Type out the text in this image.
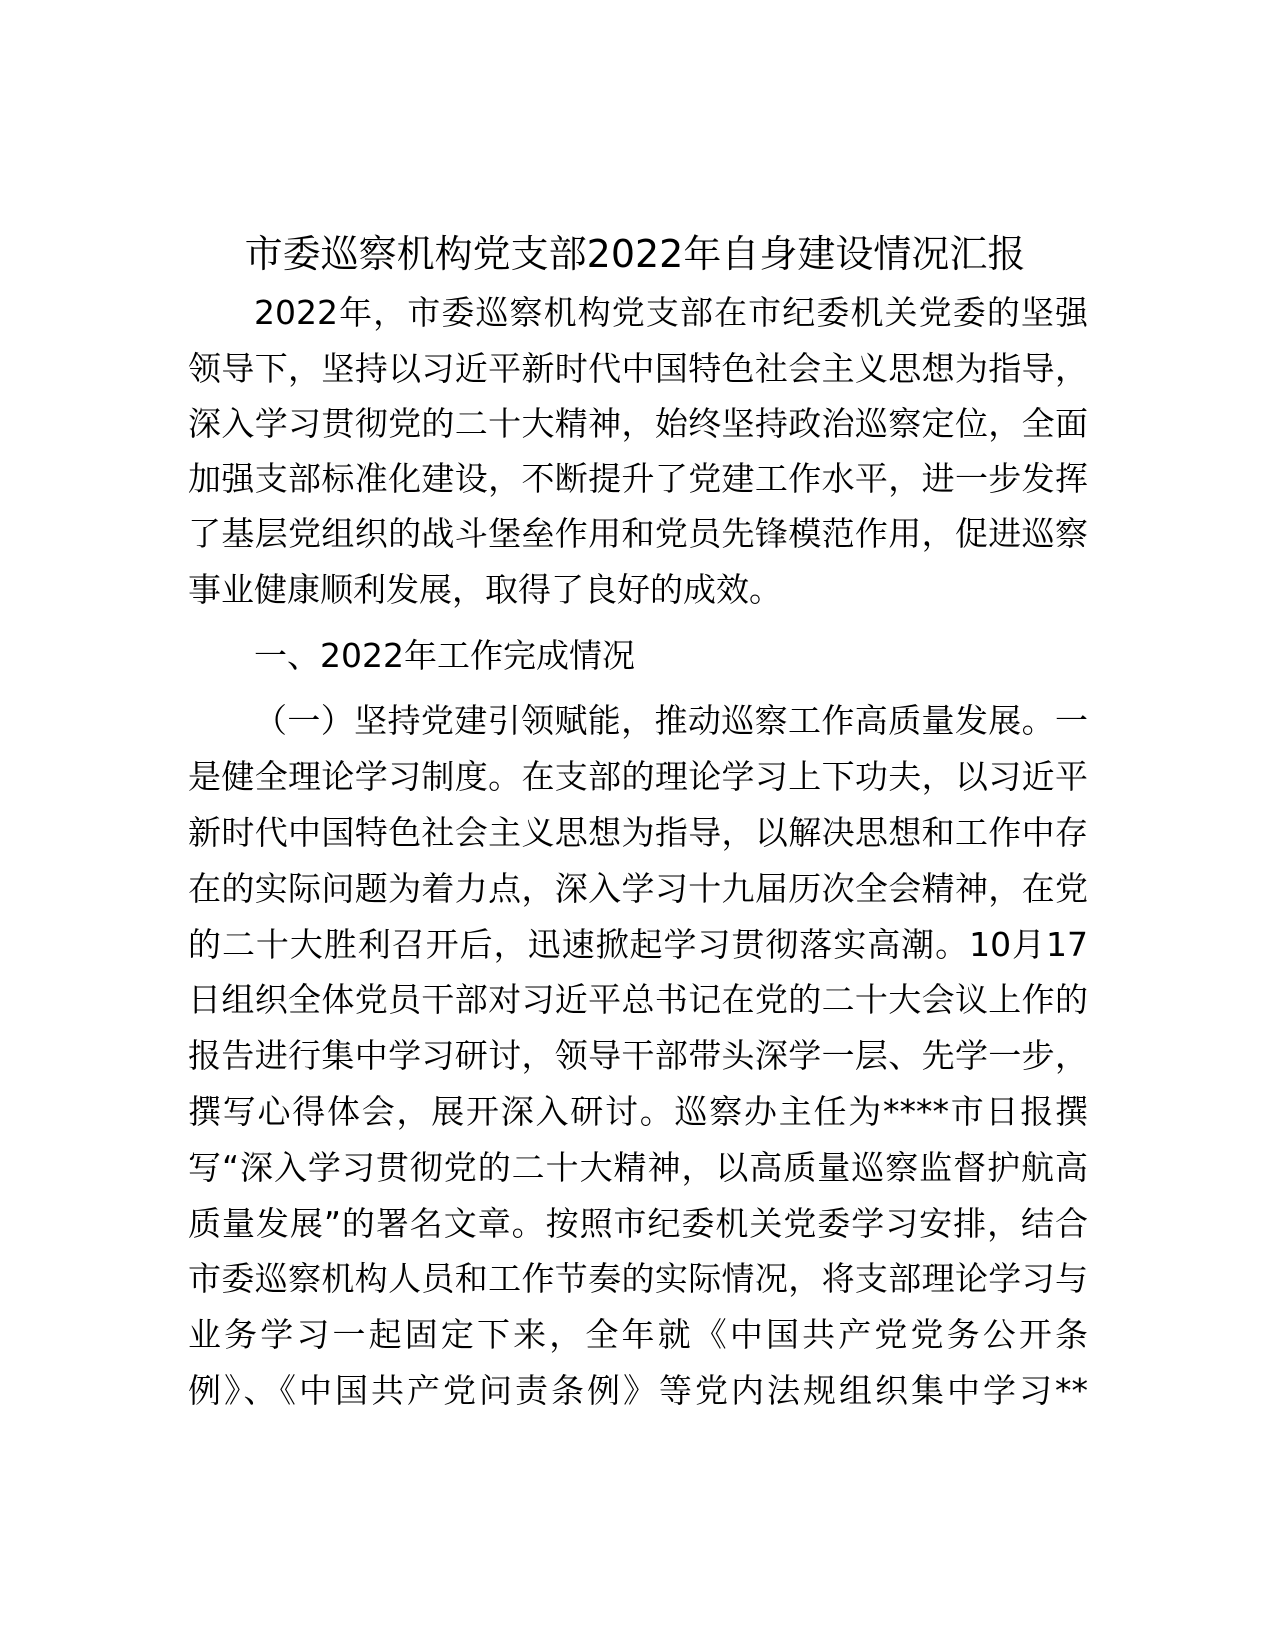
市委巡察机构党支部2022年自身建设情况汇报

2022年，市委巡察机构党支部在市纪委机关党委的坚强

领导下，坚持以习近平新时代中国特色社会主义思想为指导，

深入学习贯彻党的二十大精神，始终坚持政治巡察定位，全面

加强支部标准化建设，不断提升了党建工作水平，进一步发挥

了基层党组织的战斗堡垒作用和党员先锋模范作用，促进巡察

事业健康顺利发展，取得了良好的成效。

一、2022年工作完成情况

（一）坚持党建引领赋能，推动巡察工作高质量发展。一

是健全理论学习制度。在支部的理论学习上下功夫，以习近平

新时代中国特色社会主义思想为指导，以解决思想和工作中存

在的实际问题为着力点，深入学习十九届历次全会精神，在党

的二十大胜利召开后，迅速掀起学习贯彻落实高潮。10月17

日组织全体党员干部对习近平总书记在党的二十大会议上作的

报告进行集中学习研讨，领导干部带头深学一层、先学一步，

撰写心得体会，展开深入研讨。巡察办主任为****市日报撰

写“深入学习贯彻党的二十大精神，以高质量巡察监督护航高

质量发展”的署名文章。按照市纪委机关党委学习安排，结合

市委巡察机构人员和工作节奏的实际情况，将支部理论学习与

业务学习一起固定下来，全年就《中国共产党党务公开条

例》、《中国共产党问责条例》等党内法规组织集中学习**
